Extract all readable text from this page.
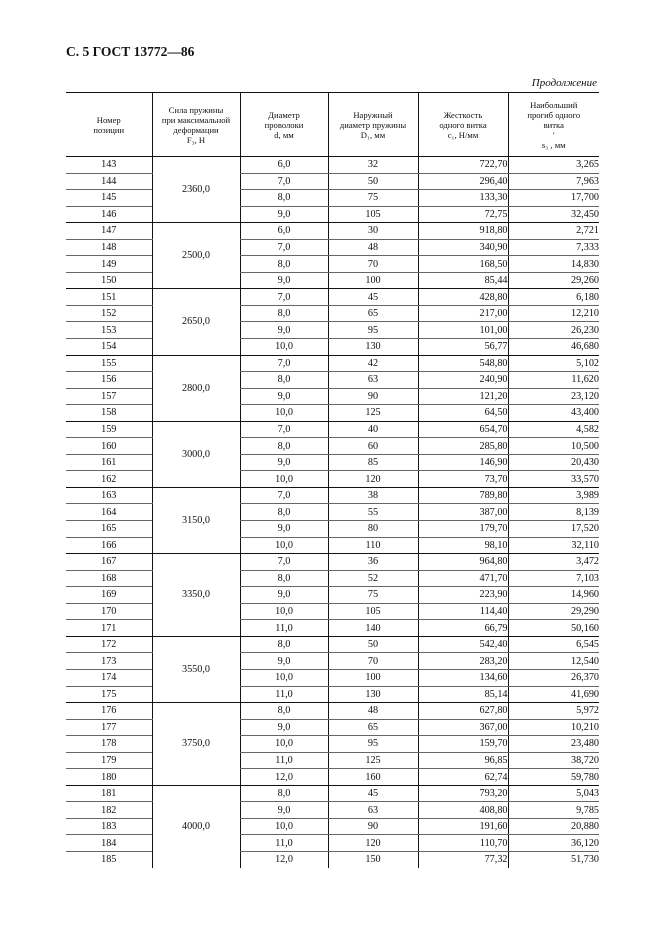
С. 5 ГОСТ 13772—86
Продолжение
Номер
позиции	Сила пружины
при максимальной
деформации
F₃, Н	Диаметр
проволоки
d, мм	Наружный
диаметр пружины
D₁, мм	Жесткость
одного витка
c₁, Н/мм	Наибольший
прогиб одного
витка
'
s₃ , мм

143	2360,0	6,0	32	722,70	3,265
144		7,0	50	296,40	7,963
145		8,0	75	133,30	17,700
146		9,0	105	72,75	32,450
147	2500,0	6,0	30	918,80	2,721
148		7,0	48	340,90	7,333
149		8,0	70	168,50	14,830
150		9,0	100	85,44	29,260
151	2650,0	7,0	45	428,80	6,180
152		8,0	65	217,00	12,210
153		9,0	95	101,00	26,230
154		10,0	130	56,77	46,680
155	2800,0	7,0	42	548,80	5,102
156		8,0	63	240,90	11,620
157		9,0	90	121,20	23,120
158		10,0	125	64,50	43,400
159	3000,0	7,0	40	654,70	4,582
160		8,0	60	285,80	10,500
161		9,0	85	146,90	20,430
162		10,0	120	73,70	33,570
163	3150,0	7,0	38	789,80	3,989
164		8,0	55	387,00	8,139
165		9,0	80	179,70	17,520
166		10,0	110	98,10	32,110
167	3350,0	7,0	36	964,80	3,472
168		8,0	52	471,70	7,103
169		9,0	75	223,90	14,960
170		10,0	105	114,40	29,290
171		11,0	140	66,79	50,160
172	3550,0	8,0	50	542,40	6,545
173		9,0	70	283,20	12,540
174		10,0	100	134,60	26,370
175		11,0	130	85,14	41,690
176	3750,0	8,0	48	627,80	5,972
177		9,0	65	367,00	10,210
178		10,0	95	159,70	23,480
179		11,0	125	96,85	38,720
180		12,0	160	62,74	59,780
181	4000,0	8,0	45	793,20	5,043
182		9,0	63	408,80	9,785
183		10,0	90	191,60	20,880
184		11,0	120	110,70	36,120
185		12,0	150	77,32	51,730
